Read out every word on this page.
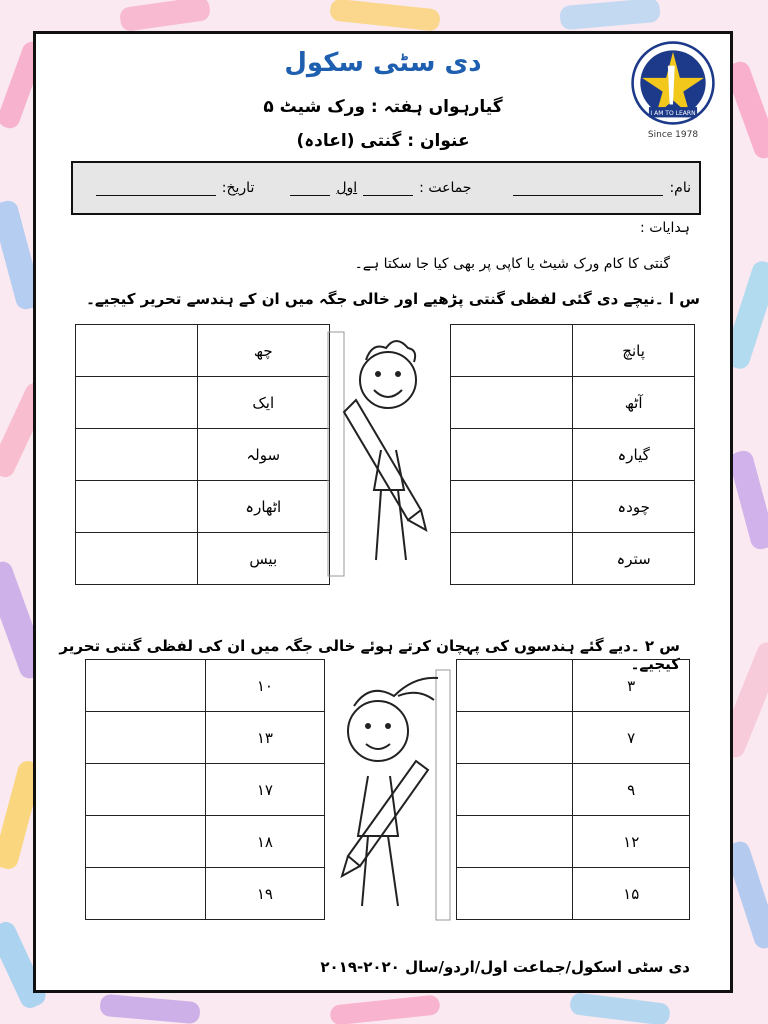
دی سٹی سکول
I AM TO LEARN
Since 1978
گیارہواں ہفتہ : ورک شیٹ ۵
عنوان : گنتی (اعادہ)
نام:
جماعت :
اول
تاریخ:
ہدایات :
گنتی کا کام ورک شیٹ یا کاپی پر بھی کیا جا سکتا ہے۔
س ا ۔نیچے دی گئی لفظی گنتی پڑھیے اور خالی جگہ میں ان کے ہندسے تحریر کیجیے۔
پانچ			چھ	
آٹھ			ایک	
گیارہ			سولہ	
چودہ			اٹھارہ	
سترہ			بیس	
س ۲ ۔دیے گئے ہندسوں کی پہچان کرتے ہوئے خالی جگہ میں ان کی لفظی گنتی تحریر کیجیے۔
۳			۱۰	
۷			۱۳	
۹			۱۷	
۱۲			۱۸	
۱۵			۱۹	
دی سٹی اسکول/جماعت اول/اردو/سال ۲۰۲۰-۲۰۱۹
